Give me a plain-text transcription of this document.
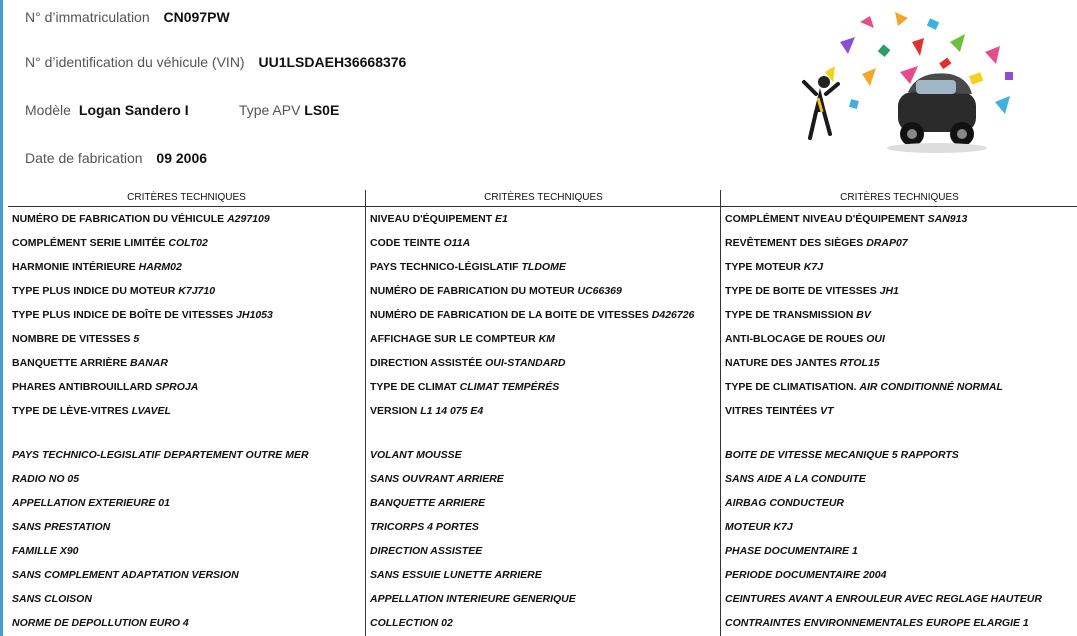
N° d’immatriculation CN097PW
N° d’identification du véhicule (VIN) UU1LSDAEH36668376
Modèle Logan Sandero I	Type APV LS0E
Date de fabrication 09 2006
CRITÈRES TECHNIQUES
NUMÉRO DE FABRICATION DU VÉHICULE A297109
COMPLÉMENT SERIE LIMITÉE COLT02
HARMONIE INTÉRIEURE HARM02
TYPE PLUS INDICE DU MOTEUR K7J710
TYPE PLUS INDICE DE BOÎTE DE VITESSES JH1053
NOMBRE DE VITESSES 5
BANQUETTE ARRIÈRE BANAR
PHARES ANTIBROUILLARD SPROJA
TYPE DE LÈVE-VITRES LVAVEL
PAYS TECHNICO-LEGISLATIF DEPARTEMENT OUTRE MER
RADIO NO 05
APPELLATION EXTERIEURE 01
SANS PRESTATION
FAMILLE X90
SANS COMPLEMENT ADAPTATION VERSION
SANS CLOISON
NORME DE DEPOLLUTION EURO 4
CRITÈRES TECHNIQUES
NIVEAU D'ÉQUIPEMENT E1
CODE TEINTE O11A
PAYS TECHNICO-LÉGISLATIF TLDOME
NUMÉRO DE FABRICATION DU MOTEUR UC66369
NUMÉRO DE FABRICATION DE LA BOITE DE VITESSES D426726
AFFICHAGE SUR LE COMPTEUR KM
DIRECTION ASSISTÉE OUI-STANDARD
TYPE DE CLIMAT CLIMAT TEMPÉRÉS
VERSION L1 14 075 E4
VOLANT MOUSSE
SANS OUVRANT ARRIERE
BANQUETTE ARRIERE
TRICORPS 4 PORTES
DIRECTION ASSISTEE
SANS ESSUIE LUNETTE ARRIERE
APPELLATION INTERIEURE GENERIQUE
COLLECTION 02
CRITÈRES TECHNIQUES
COMPLÉMENT NIVEAU D'ÉQUIPEMENT SAN913
REVÊTEMENT DES SIÈGES DRAP07
TYPE MOTEUR K7J
TYPE DE BOITE DE VITESSES JH1
TYPE DE TRANSMISSION BV
ANTI-BLOCAGE DE ROUES OUI
NATURE DES JANTES RTOL15
TYPE DE CLIMATISATION. AIR CONDITIONNÉ NORMAL
VITRES TEINTÉES VT
BOITE DE VITESSE MECANIQUE 5 RAPPORTS
SANS AIDE A LA CONDUITE
AIRBAG CONDUCTEUR
MOTEUR K7J
PHASE DOCUMENTAIRE 1
PERIODE DOCUMENTAIRE 2004
CEINTURES AVANT A ENROULEUR AVEC REGLAGE HAUTEUR
CONTRAINTES ENVIRONNEMENTALES EUROPE ELARGIE 1
